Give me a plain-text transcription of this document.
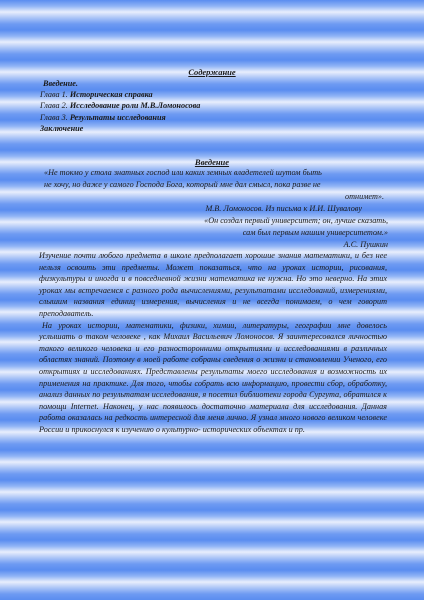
Содержание
Введение.
Глава 1. Историческая справка
Глава 2. Исследование роли М.В.Ломоносова
Глава 3. Результаты исследования
Заключение
Введение
«Не токмо у стола знатных господ или каких земных владетелей шутом быть
не хочу, но даже у самого Господа Бога, который мне дал смысл, пока разве не
отнимет».
М.В. Ломоносов. Из письма к И.И. Шувалову
«Он создал первый университет; он, лучше сказать,
сам был первым нашим университетом.»
А.С. Пушкин

Изучение почти любого предмета в школе предполагает хорошие знания математики, и без нее нельзя освоить эти предметы. Может показаться, что на уроках истории, рисования, физкультуры и иногда и в повседневной жизни математика не нужна. Но это неверно. На этих уроках мы встречаемся с разного рода вычислениями, результатами исследований, измерениями, слышим названия единиц измерения, вычисления и не всегда понимаем, о чем говорит преподаватель.

На уроках истории, математики, физики, химии, литературы, географии мне довелось услышать о таком человеке , как Михаил Васильевич Ломоносов. Я заинтересовался личностью такого великого человека и его разносторонними открытиями и исследованиями в различных областях знаний. Поэтому в моей работе собраны сведения о жизни и становлении Ученого, его открытиях и исследованиях. Представлены результаты моего исследования и возможность их применения на практике. Для того, чтобы собрать всю информацию, провести сбор, обработку, анализ данных по результатам исследования, я посетил библиотеки города Сургута, обратился к помощи Internet. Наконец, у нас появилось достаточно материала для исследования. Данная работа оказалась на редкость интересной для меня лично. Я узнал много нового великом человеке России и прикоснулся к изучению о культурно- исторических объектах и пр.
